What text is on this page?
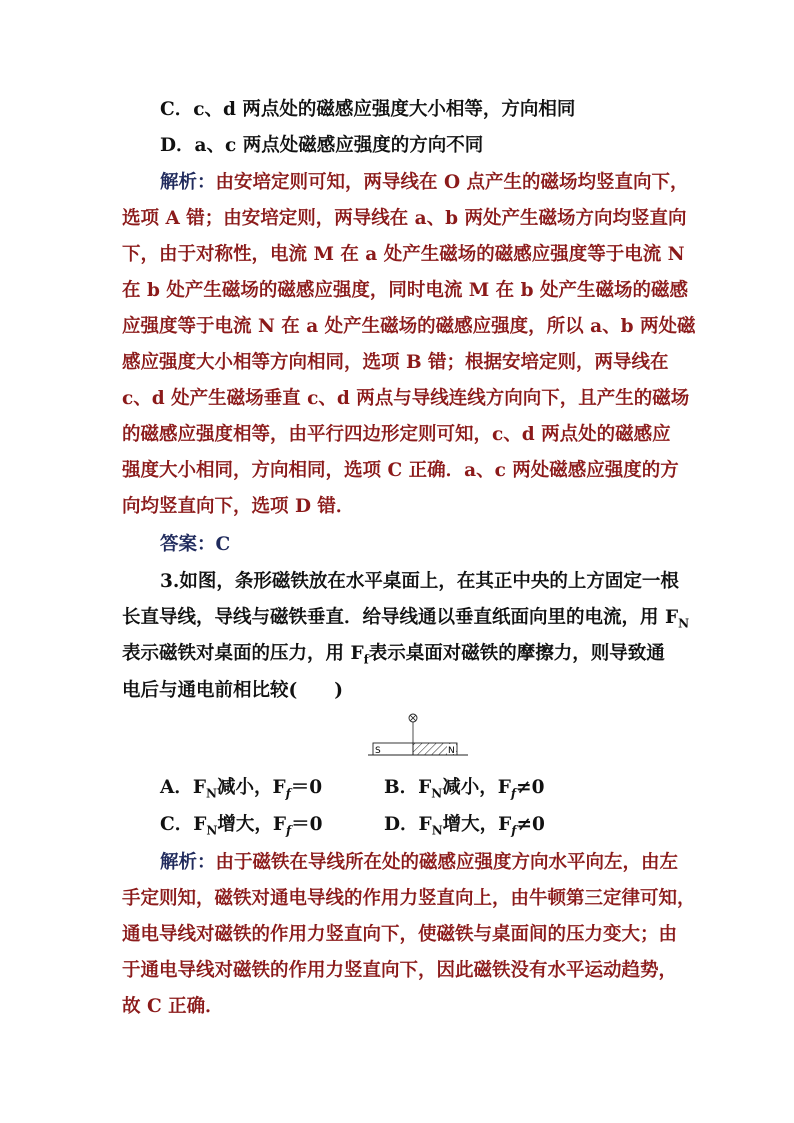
C．c、d 两点处的磁感应强度大小相等，方向相同
D．a、c 两点处磁感应强度的方向不同
解析：由安培定则可知，两导线在 O 点产生的磁场均竖直向下，
选项 A 错；由安培定则，两导线在 a、b 两处产生磁场方向均竖直向
下，由于对称性，电流 M 在 a 处产生磁场的磁感应强度等于电流 N
在 b 处产生磁场的磁感应强度，同时电流 M 在 b 处产生磁场的磁感
应强度等于电流 N 在 a 处产生磁场的磁感应强度，所以 a、b 两处磁
感应强度大小相等方向相同，选项 B 错；根据安培定则，两导线在
c、d 处产生磁场垂直 c、d 两点与导线连线方向向下，且产生的磁场
的磁感应强度相等，由平行四边形定则可知，c、d 两点处的磁感应
强度大小相同，方向相同，选项 C 正确．a、c 两处磁感应强度的方
向均竖直向下，选项 D 错．
答案：C
3.如图，条形磁铁放在水平桌面上，在其正中央的上方固定一根
长直导线，导线与磁铁垂直．给导线通以垂直纸面向里的电流，用 $F_N$
表示磁铁对桌面的压力，用 $F_f$表示桌面对磁铁的摩擦力，则导致通
电后与通电前相比较(　　)
S	N
A．$F_N$减小，$F_f=0$	B．$F_N$减小，$F_f\ne 0$
C．$F_N$增大，$F_f=0$	D．$F_N$增大，$F_f\ne 0$
解析：由于磁铁在导线所在处的磁感应强度方向水平向左，由左
手定则知，磁铁对通电导线的作用力竖直向上，由牛顿第三定律可知，
通电导线对磁铁的作用力竖直向下，使磁铁与桌面间的压力变大；由
于通电导线对磁铁的作用力竖直向下，因此磁铁没有水平运动趋势，
故 C 正确．
